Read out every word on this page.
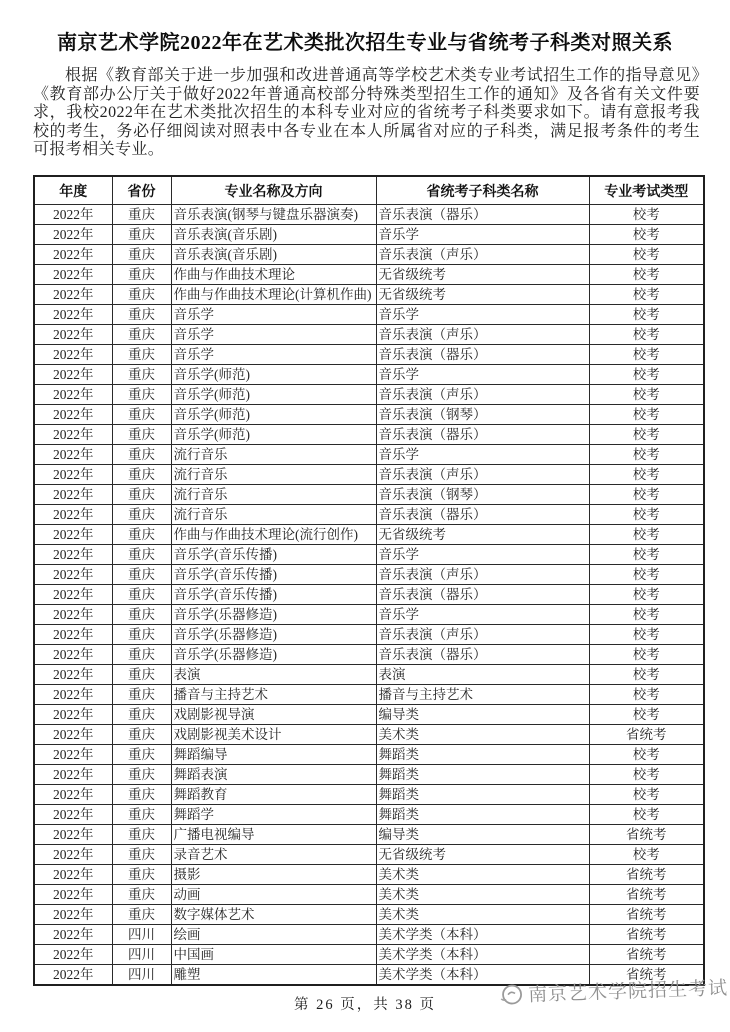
南京艺术学院2022年在艺术类批次招生专业与省统考子科类对照关系

根据《教育部关于进一步加强和改进普通高等学校艺术类专业考试招生工作的指导意见》《教育部办公厅关于做好2022年普通高校部分特殊类型招生工作的通知》及各省有关文件要求，我校2022年在艺术类批次招生的本科专业对应的省统考子科类要求如下。请有意报考我校的考生，务必仔细阅读对照表中各专业在本人所属省对应的子科类，满足报考条件的考生可报考相关专业。

年度	省份	专业名称及方向	省统考子科类名称	专业考试类型
2022年	重庆	音乐表演(钢琴与键盘乐器演奏)	音乐表演（器乐）	校考
2022年	重庆	音乐表演(音乐剧)	音乐学	校考
2022年	重庆	音乐表演(音乐剧)	音乐表演（声乐）	校考
2022年	重庆	作曲与作曲技术理论	无省级统考	校考
2022年	重庆	作曲与作曲技术理论(计算机作曲)	无省级统考	校考
2022年	重庆	音乐学	音乐学	校考
2022年	重庆	音乐学	音乐表演（声乐）	校考
2022年	重庆	音乐学	音乐表演（器乐）	校考
2022年	重庆	音乐学(师范)	音乐学	校考
2022年	重庆	音乐学(师范)	音乐表演（声乐）	校考
2022年	重庆	音乐学(师范)	音乐表演（钢琴）	校考
2022年	重庆	音乐学(师范)	音乐表演（器乐）	校考
2022年	重庆	流行音乐	音乐学	校考
2022年	重庆	流行音乐	音乐表演（声乐）	校考
2022年	重庆	流行音乐	音乐表演（钢琴）	校考
2022年	重庆	流行音乐	音乐表演（器乐）	校考
2022年	重庆	作曲与作曲技术理论(流行创作)	无省级统考	校考
2022年	重庆	音乐学(音乐传播)	音乐学	校考
2022年	重庆	音乐学(音乐传播)	音乐表演（声乐）	校考
2022年	重庆	音乐学(音乐传播)	音乐表演（器乐）	校考
2022年	重庆	音乐学(乐器修造)	音乐学	校考
2022年	重庆	音乐学(乐器修造)	音乐表演（声乐）	校考
2022年	重庆	音乐学(乐器修造)	音乐表演（器乐）	校考
2022年	重庆	表演	表演	校考
2022年	重庆	播音与主持艺术	播音与主持艺术	校考
2022年	重庆	戏剧影视导演	编导类	校考
2022年	重庆	戏剧影视美术设计	美术类	省统考
2022年	重庆	舞蹈编导	舞蹈类	校考
2022年	重庆	舞蹈表演	舞蹈类	校考
2022年	重庆	舞蹈教育	舞蹈类	校考
2022年	重庆	舞蹈学	舞蹈类	校考
2022年	重庆	广播电视编导	编导类	省统考
2022年	重庆	录音艺术	无省级统考	校考
2022年	重庆	摄影	美术类	省统考
2022年	重庆	动画	美术类	省统考
2022年	重庆	数字媒体艺术	美术类	省统考
2022年	四川	绘画	美术学类（本科）	省统考
2022年	四川	中国画	美术学类（本科）	省统考
2022年	四川	雕塑	美术学类（本科）	省统考
第 26 页，共 38 页	南京艺术学院招生考试
